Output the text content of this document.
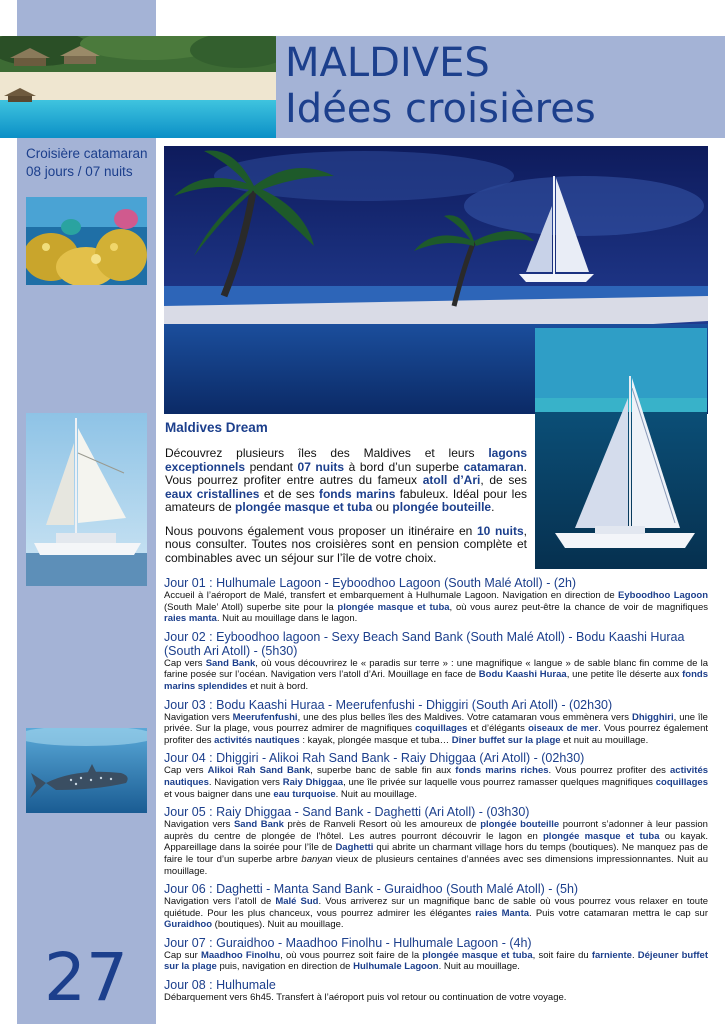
MALDIVES
Idées croisières
Croisière catamaran
08 jours / 07 nuits
Maldives Dream

Découvrez plusieurs îles des Maldives et leurs lagons exceptionnels pendant 07 nuits à bord d’un superbe catamaran. Vous pourrez profiter entre autres du fameux atoll d’Ari, de ses eaux cristallines et de ses fonds marins fabuleux. Idéal pour les amateurs de plongée masque et tuba ou plongée bouteille.

Nous pouvons également vous proposer un itinéraire en 10 nuits, nous consulter. Toutes nos croisières sont en pension complète et combinables avec un séjour sur l’île de votre choix.

Jour 01 : Hulhumale Lagoon - Eyboodhoo Lagoon (South Malé Atoll) - (2h)
Accueil à l’aéroport de Malé, transfert et embarquement à Hulhumale Lagoon. Navigation en direction de Eyboodhoo Lagoon (South Male’ Atoll) superbe site pour la plongée masque et tuba, où vous aurez peut-être la chance de voir de magnifiques raies manta. Nuit au mouillage dans le lagon.
Jour 02 : Eyboodhoo lagoon - Sexy Beach Sand Bank (South Malé Atoll) - Bodu Kaashi Huraa (South Ari Atoll) - (5h30)
Cap vers Sand Bank, où vous découvrirez le « paradis sur terre » : une magnifique « langue » de sable blanc fin comme de la farine posée sur l’océan. Navigation vers l’atoll d’Ari. Mouillage en face de Bodu Kaashi Huraa, une petite île déserte aux fonds marins splendides et nuit à bord.
Jour 03 : Bodu Kaashi Huraa - Meerufenfushi - Dhiggiri (South Ari Atoll) - (02h30)
Navigation vers Meerufenfushi, une des plus belles îles des Maldives. Votre catamaran vous emmènera vers Dhigghiri, une île privée. Sur la plage, vous pourrez admirer de magnifiques coquillages et d’élégants oiseaux de mer. Vous pourrez également profiter des activités nautiques : kayak, plongée masque et tuba… Dîner buffet sur la plage et nuit au mouillage.
Jour 04 : Dhiggiri - Alikoi Rah Sand Bank - Raiy Dhiggaa (Ari Atoll) - (02h30)
Cap vers Alikoi Rah Sand Bank, superbe banc de sable fin aux fonds marins riches. Vous pourrez profiter des activités nautiques. Navigation vers Raiy Dhiggaa, une île privée sur laquelle vous pourrez ramasser quelques magnifiques coquillages et vous baigner dans une eau turquoise. Nuit au mouillage.
Jour 05 : Raiy Dhiggaa - Sand Bank - Daghetti (Ari Atoll) - (03h30)
Navigation vers Sand Bank près de Ranveli Resort où les amoureux de plongée bouteille pourront s’adonner à leur passion auprès du centre de plongée de l’hôtel. Les autres pourront découvrir le lagon en plongée masque et tuba ou kayak. Appareillage dans la soirée pour l’île de Daghetti qui abrite un charmant village hors du temps (boutiques). Ne manquez pas de faire le tour d’un superbe arbre banyan vieux de plusieurs centaines d’années avec ses dimensions impressionnantes. Nuit au mouillage.
Jour 06 : Daghetti - Manta Sand Bank - Guraidhoo (South Malé Atoll) - (5h)
Navigation vers l’atoll de Malé Sud. Vous arriverez sur un magnifique banc de sable où vous pourrez vous relaxer en toute quiétude. Pour les plus chanceux, vous pourrez admirer les élégantes raies Manta. Puis votre catamaran mettra le cap sur Guraidhoo (boutiques). Nuit au mouillage.
Jour 07 : Guraidhoo - Maadhoo Finolhu - Hulhumale Lagoon - (4h)
Cap sur Maadhoo Finolhu, où vous pourrez soit faire de la plongée masque et tuba, soit faire du farniente. Déjeuner buffet sur la plage puis, navigation en direction de Hulhumale Lagoon. Nuit au mouillage.
Jour 08 : Hulhumale
Débarquement vers 6h45. Transfert à l’aéroport puis vol retour ou continuation de votre voyage.
27
